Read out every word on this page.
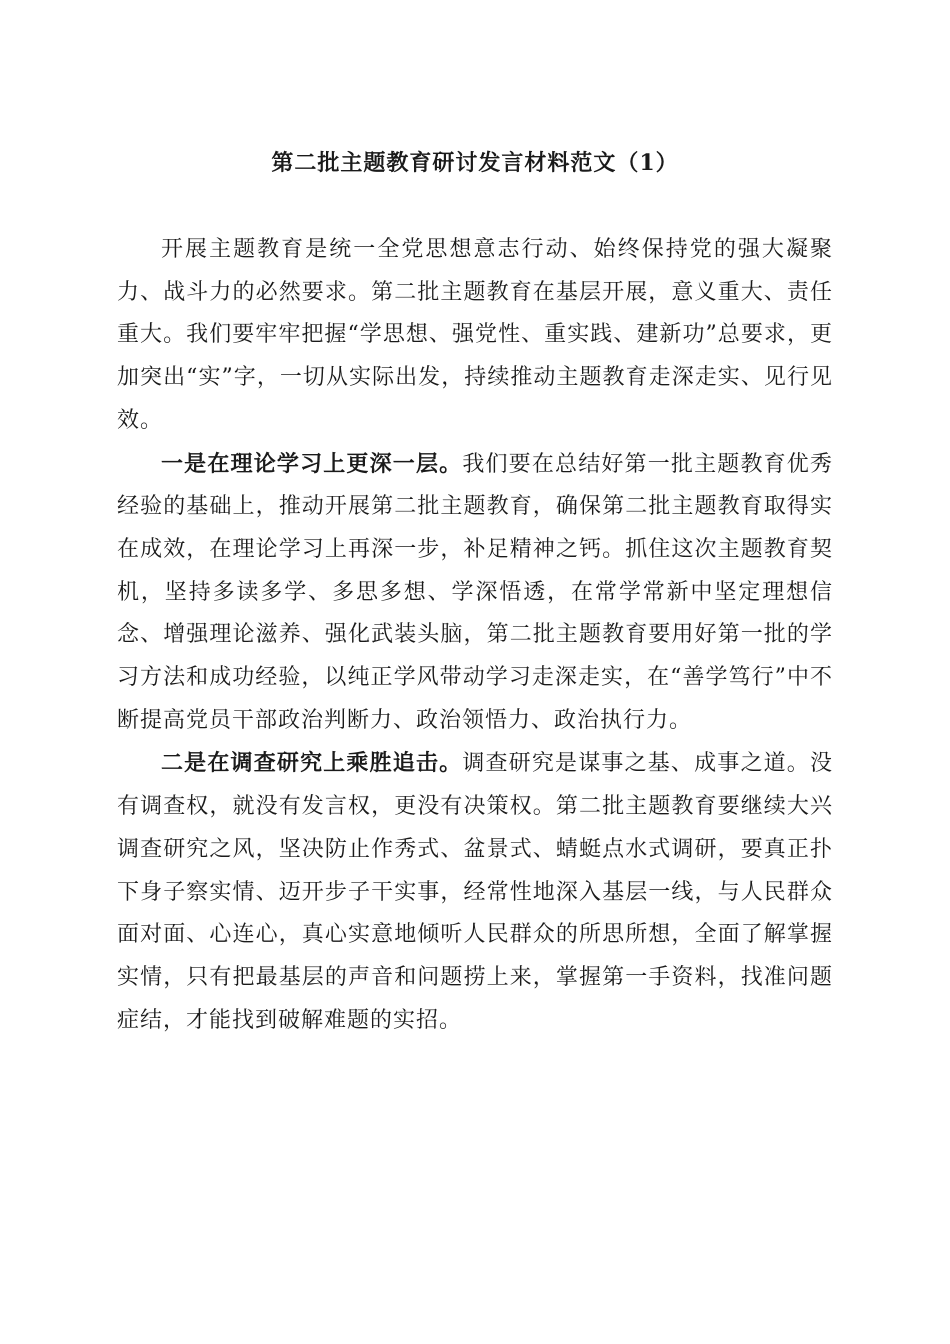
第二批主题教育研讨发言材料范文（1）

开展主题教育是统一全党思想意志行动、始终保持党的强大凝聚力、战斗力的必然要求。第二批主题教育在基层开展，意义重大、责任重大。我们要牢牢把握“学思想、强党性、重实践、建新功”总要求，更加突出“实”字，一切从实际出发，持续推动主题教育走深走实、见行见效。

一是在理论学习上更深一层。我们要在总结好第一批主题教育优秀经验的基础上，推动开展第二批主题教育，确保第二批主题教育取得实在成效，在理论学习上再深一步，补足精神之钙。抓住这次主题教育契机，坚持多读多学、多思多想、学深悟透，在常学常新中坚定理想信念、增强理论滋养、强化武装头脑，第二批主题教育要用好第一批的学习方法和成功经验，以纯正学风带动学习走深走实，在“善学笃行”中不断提高党员干部政治判断力、政治领悟力、政治执行力。

二是在调查研究上乘胜追击。调查研究是谋事之基、成事之道。没有调查权，就没有发言权，更没有决策权。第二批主题教育要继续大兴调查研究之风，坚决防止作秀式、盆景式、蜻蜓点水式调研，要真正扑下身子察实情、迈开步子干实事，经常性地深入基层一线，与人民群众面对面、心连心，真心实意地倾听人民群众的所思所想，全面了解掌握实情，只有把最基层的声音和问题捞上来，掌握第一手资料，找准问题症结，才能找到破解难题的实招。
